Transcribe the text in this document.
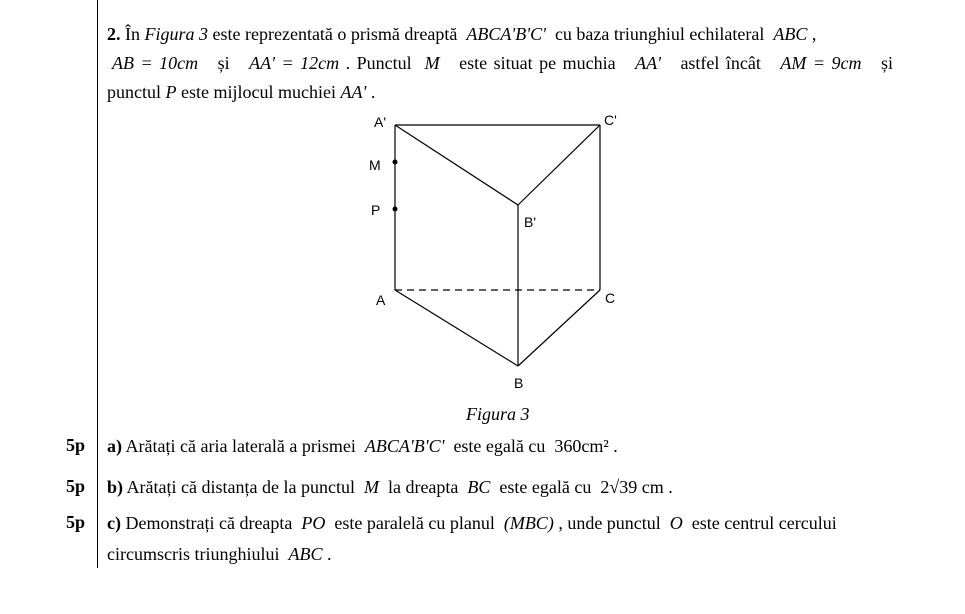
2. În Figura 3 este reprezentată o prismă dreaptă ABCA'B'C' cu baza triunghiul echilateral ABC ,
AB = 10cm și AA' = 12cm . Punctul M este situat pe muchia AA' astfel încât AM = 9cm și
punctul P este mijlocul muchiei AA' .
A'	C'
M
P
B'
A	C
B
Figura 3
5p a) Arătați că aria laterală a prismei ABCA'B'C' este egală cu 360cm² .
5p b) Arătați că distanța de la punctul M la dreapta BC este egală cu 2√39 cm .
5p c) Demonstrați că dreapta PO este paralelă cu planul (MBC) , unde punctul O este centrul cercului
circumscris triunghiului ABC .
